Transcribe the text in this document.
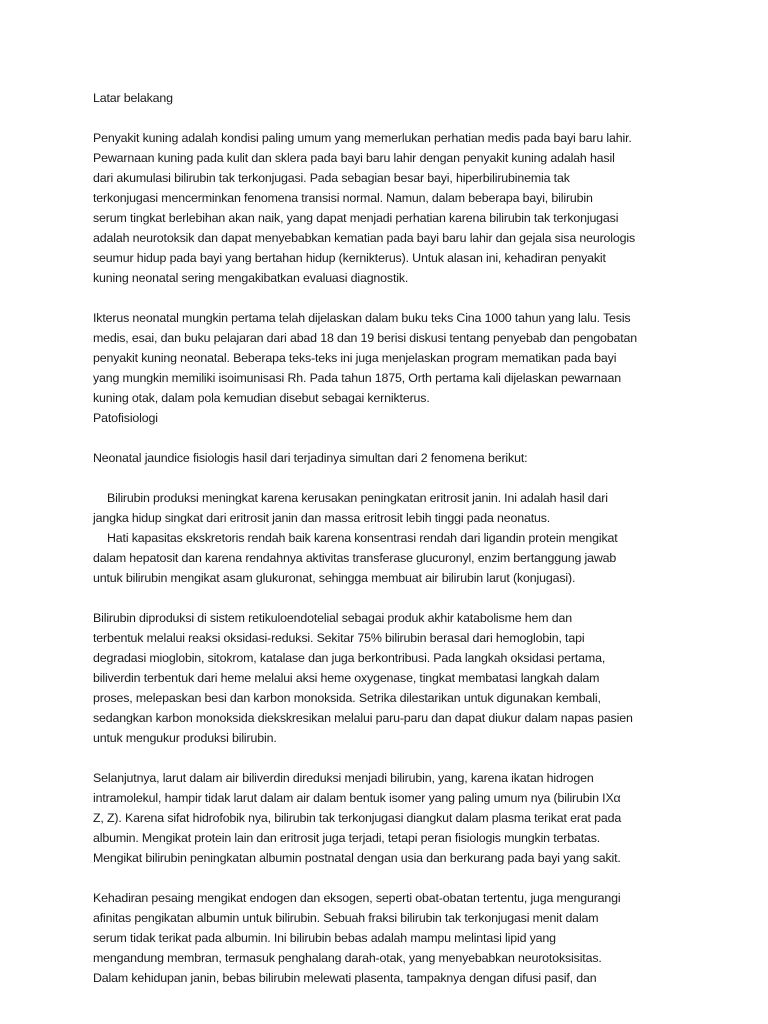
Latar belakang
Penyakit kuning adalah kondisi paling umum yang memerlukan perhatian medis pada bayi baru lahir.
Pewarnaan kuning pada kulit dan sklera pada bayi baru lahir dengan penyakit kuning adalah hasil
dari akumulasi bilirubin tak terkonjugasi. Pada sebagian besar bayi, hiperbilirubinemia tak
terkonjugasi mencerminkan fenomena transisi normal. Namun, dalam beberapa bayi, bilirubin
serum tingkat berlebihan akan naik, yang dapat menjadi perhatian karena bilirubin tak terkonjugasi
adalah neurotoksik dan dapat menyebabkan kematian pada bayi baru lahir dan gejala sisa neurologis
seumur hidup pada bayi yang bertahan hidup (kernikterus). Untuk alasan ini, kehadiran penyakit
kuning neonatal sering mengakibatkan evaluasi diagnostik.
Ikterus neonatal mungkin pertama telah dijelaskan dalam buku teks Cina 1000 tahun yang lalu. Tesis
medis, esai, dan buku pelajaran dari abad 18 dan 19 berisi diskusi tentang penyebab dan pengobatan
penyakit kuning neonatal. Beberapa teks-teks ini juga menjelaskan program mematikan pada bayi
yang mungkin memiliki isoimunisasi Rh. Pada tahun 1875, Orth pertama kali dijelaskan pewarnaan
kuning otak, dalam pola kemudian disebut sebagai kernikterus.
Patofisiologi
Neonatal jaundice fisiologis hasil dari terjadinya simultan dari 2 fenomena berikut:
Bilirubin produksi meningkat karena kerusakan peningkatan eritrosit janin. Ini adalah hasil dari
jangka hidup singkat dari eritrosit janin dan massa eritrosit lebih tinggi pada neonatus.
Hati kapasitas ekskretoris rendah baik karena konsentrasi rendah dari ligandin protein mengikat
dalam hepatosit dan karena rendahnya aktivitas transferase glucuronyl, enzim bertanggung jawab
untuk bilirubin mengikat asam glukuronat, sehingga membuat air bilirubin larut (konjugasi).
Bilirubin diproduksi di sistem retikuloendotelial sebagai produk akhir katabolisme hem dan
terbentuk melalui reaksi oksidasi-reduksi. Sekitar 75% bilirubin berasal dari hemoglobin, tapi
degradasi mioglobin, sitokrom, katalase dan juga berkontribusi. Pada langkah oksidasi pertama,
biliverdin terbentuk dari heme melalui aksi heme oxygenase, tingkat membatasi langkah dalam
proses, melepaskan besi dan karbon monoksida. Setrika dilestarikan untuk digunakan kembali,
sedangkan karbon monoksida diekskresikan melalui paru-paru dan dapat diukur dalam napas pasien
untuk mengukur produksi bilirubin.
Selanjutnya, larut dalam air biliverdin direduksi menjadi bilirubin, yang, karena ikatan hidrogen
intramolekul, hampir tidak larut dalam air dalam bentuk isomer yang paling umum nya (bilirubin IXα
Z, Z). Karena sifat hidrofobik nya, bilirubin tak terkonjugasi diangkut dalam plasma terikat erat pada
albumin. Mengikat protein lain dan eritrosit juga terjadi, tetapi peran fisiologis mungkin terbatas.
Mengikat bilirubin peningkatan albumin postnatal dengan usia dan berkurang pada bayi yang sakit.
Kehadiran pesaing mengikat endogen dan eksogen, seperti obat-obatan tertentu, juga mengurangi
afinitas pengikatan albumin untuk bilirubin. Sebuah fraksi bilirubin tak terkonjugasi menit dalam
serum tidak terikat pada albumin. Ini bilirubin bebas adalah mampu melintasi lipid yang
mengandung membran, termasuk penghalang darah-otak, yang menyebabkan neurotoksisitas.
Dalam kehidupan janin, bebas bilirubin melewati plasenta, tampaknya dengan difusi pasif, dan
